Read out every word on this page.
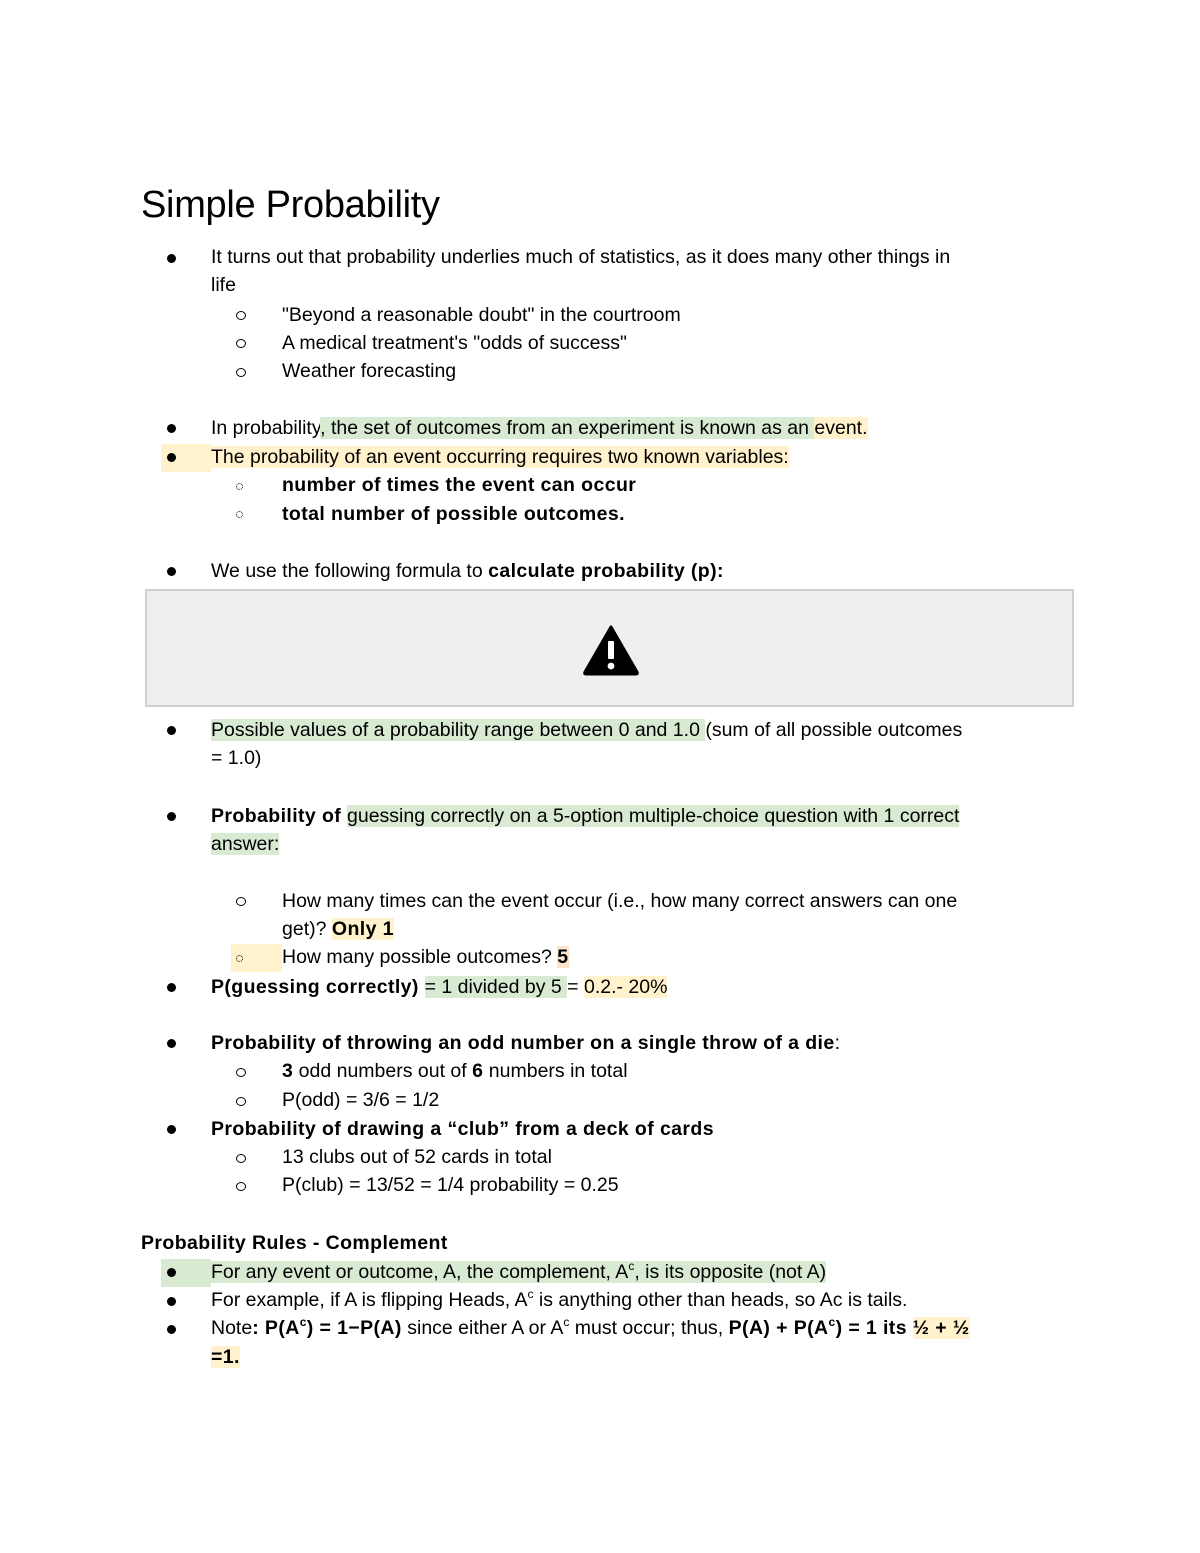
Simple Probability
It turns out that probability underlies much of statistics, as it does many other things in
life
"Beyond a reasonable doubt" in the courtroom
A medical treatment's "odds of success"
Weather forecasting
In probability, the set of outcomes from an experiment is known as an event.
The probability of an event occurring requires two known variables:
number of times the event can occur
total number of possible outcomes.
We use the following formula to calculate probability (p):
Possible values of a probability range between 0 and 1.0 (sum of all possible outcomes
= 1.0)
Probability of guessing correctly on a 5-option multiple-choice question with 1 correct
answer:
How many times can the event occur (i.e., how many correct answers can one
get)? Only 1
How many possible outcomes? 5
P(guessing correctly) = 1 divided by 5 = 0.2.- 20%
Probability of throwing an odd number on a single throw of a die:
3 odd numbers out of 6 numbers in total
P(odd) = 3/6 = 1/2
Probability of drawing a “club” from a deck of cards
13 clubs out of 52 cards in total
P(club) = 13/52 = 1/4 probability = 0.25
Probability Rules - Complement
For any event or outcome, A, the complement, $A^c$, is its opposite (not A)
For example, if A is flipping Heads, $A^c$ is anything other than heads, so Ac is tails.
Note: $P(A^c) = 1-P(A)$ since either A or $A^c$ must occur; thus, $P(A) + P(A^c) = 1$ its ½ + ½
=1.
